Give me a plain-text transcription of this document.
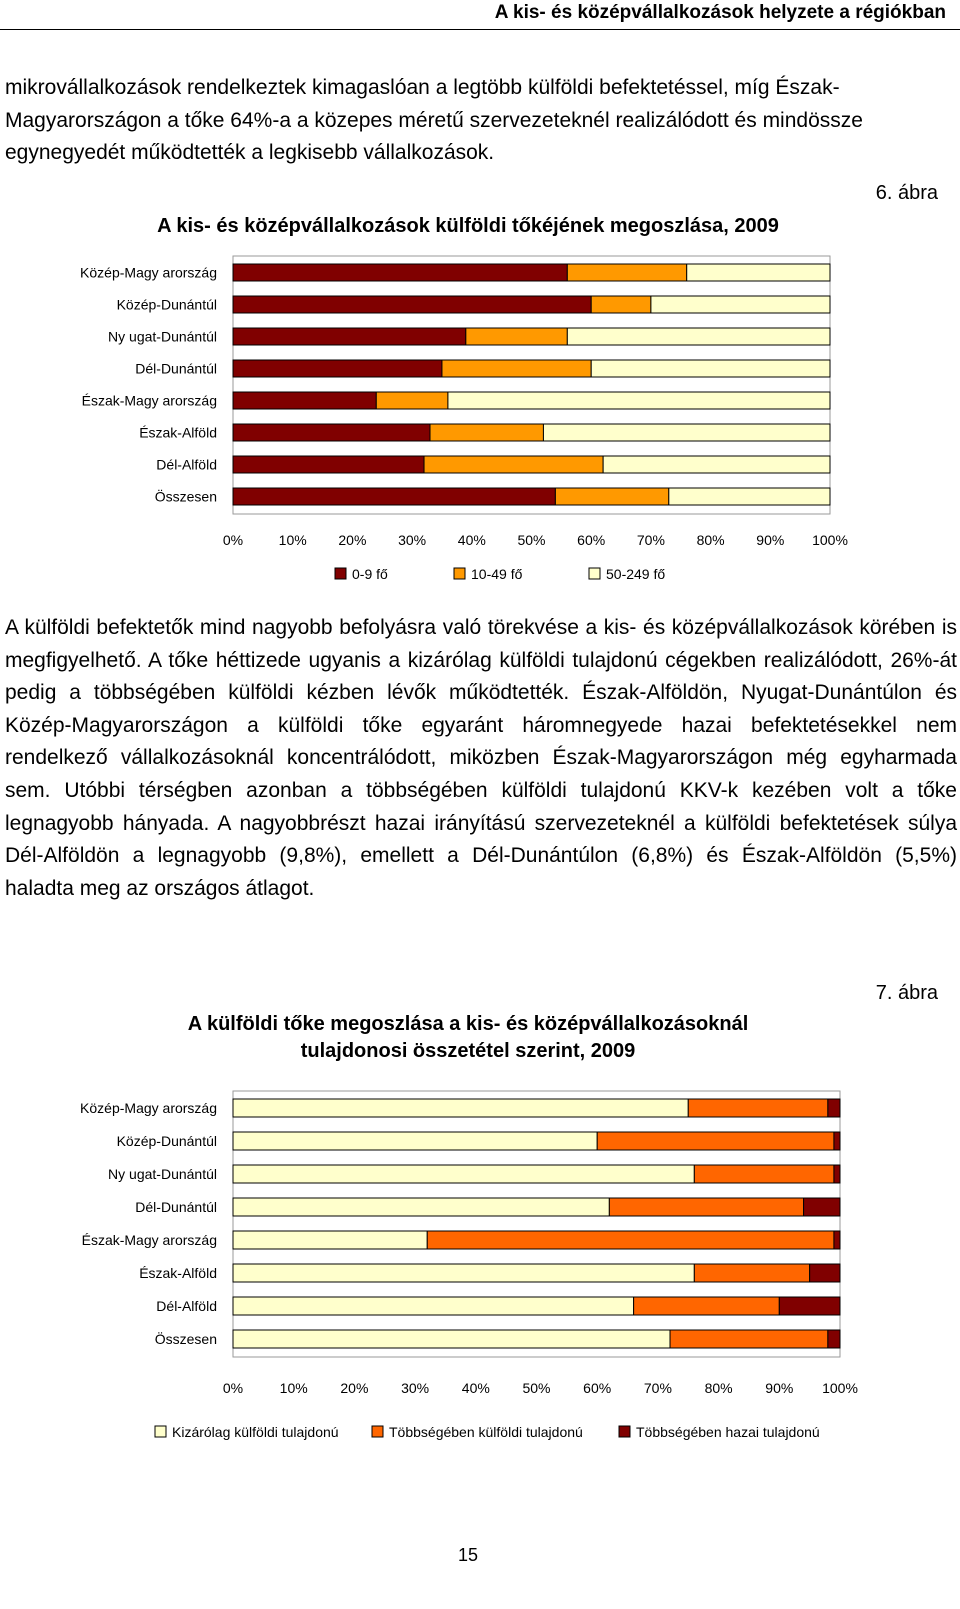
A kis- és középvállalkozások helyzete a régiókban

mikrovállalkozások rendelkeztek kimagaslóan a legtöbb külföldi befektetéssel, míg Észak-Magyarországon a tőke 64%-a a közepes méretű szervezeteknél realizálódott és mindössze egynegyedét működtették a legkisebb vállalkozások.

6. ábra
A kis- és középvállalkozások külföldi tőkéjének megoszlása, 2009
Közép-Magy arország
Közép-Dunántúl
Ny ugat-Dunántúl
Dél-Dunántúl
Észak-Magy arország
Észak-Alföld
Dél-Alföld
Összesen
0%	10% 20% 30% 40% 50% 60% 70% 80% 90% 100%
0-9 fő	10-49 fő	50-249 fő

A külföldi befektetők mind nagyobb befolyásra való törekvése a kis- és középvállalkozások körében is megfigyelhető. A tőke héttizede ugyanis a kizárólag külföldi tulajdonú cégekben realizálódott, 26%-át pedig a többségében külföldi kézben lévők működtették. Észak-Alföldön, Nyugat-Dunántúlon és Közép-Magyarországon a külföldi tőke egyaránt háromnegyede hazai befektetésekkel nem rendelkező vállalkozásoknál koncentrálódott, miközben Észak-Magyarországon még egyharmada sem. Utóbbi térségben azonban a többségében külföldi tulajdonú KKV-k kezében volt a tőke legnagyobb hányada. A nagyobbrészt hazai irányítású szervezeteknél a külföldi befektetések súlya Dél-Alföldön a legnagyobb (9,8%), emellett a Dél-Dunántúlon (6,8%) és Észak-Alföldön (5,5%) haladta meg az országos átlagot.

7. ábra
A külföldi tőke megoszlása a kis- és középvállalkozásoknál
tulajdonosi összetétel szerint, 2009
Közép-Magy arország
Közép-Dunántúl
Ny ugat-Dunántúl
Dél-Dunántúl
Észak-Magy arország
Észak-Alföld
Dél-Alföld
Összesen
0%	10% 20% 30% 40% 50% 60% 70% 80% 90% 100%
Kizárólag külföldi tulajdonú	Többségében külföldi tulajdonú	Többségében hazai tulajdonú
15
